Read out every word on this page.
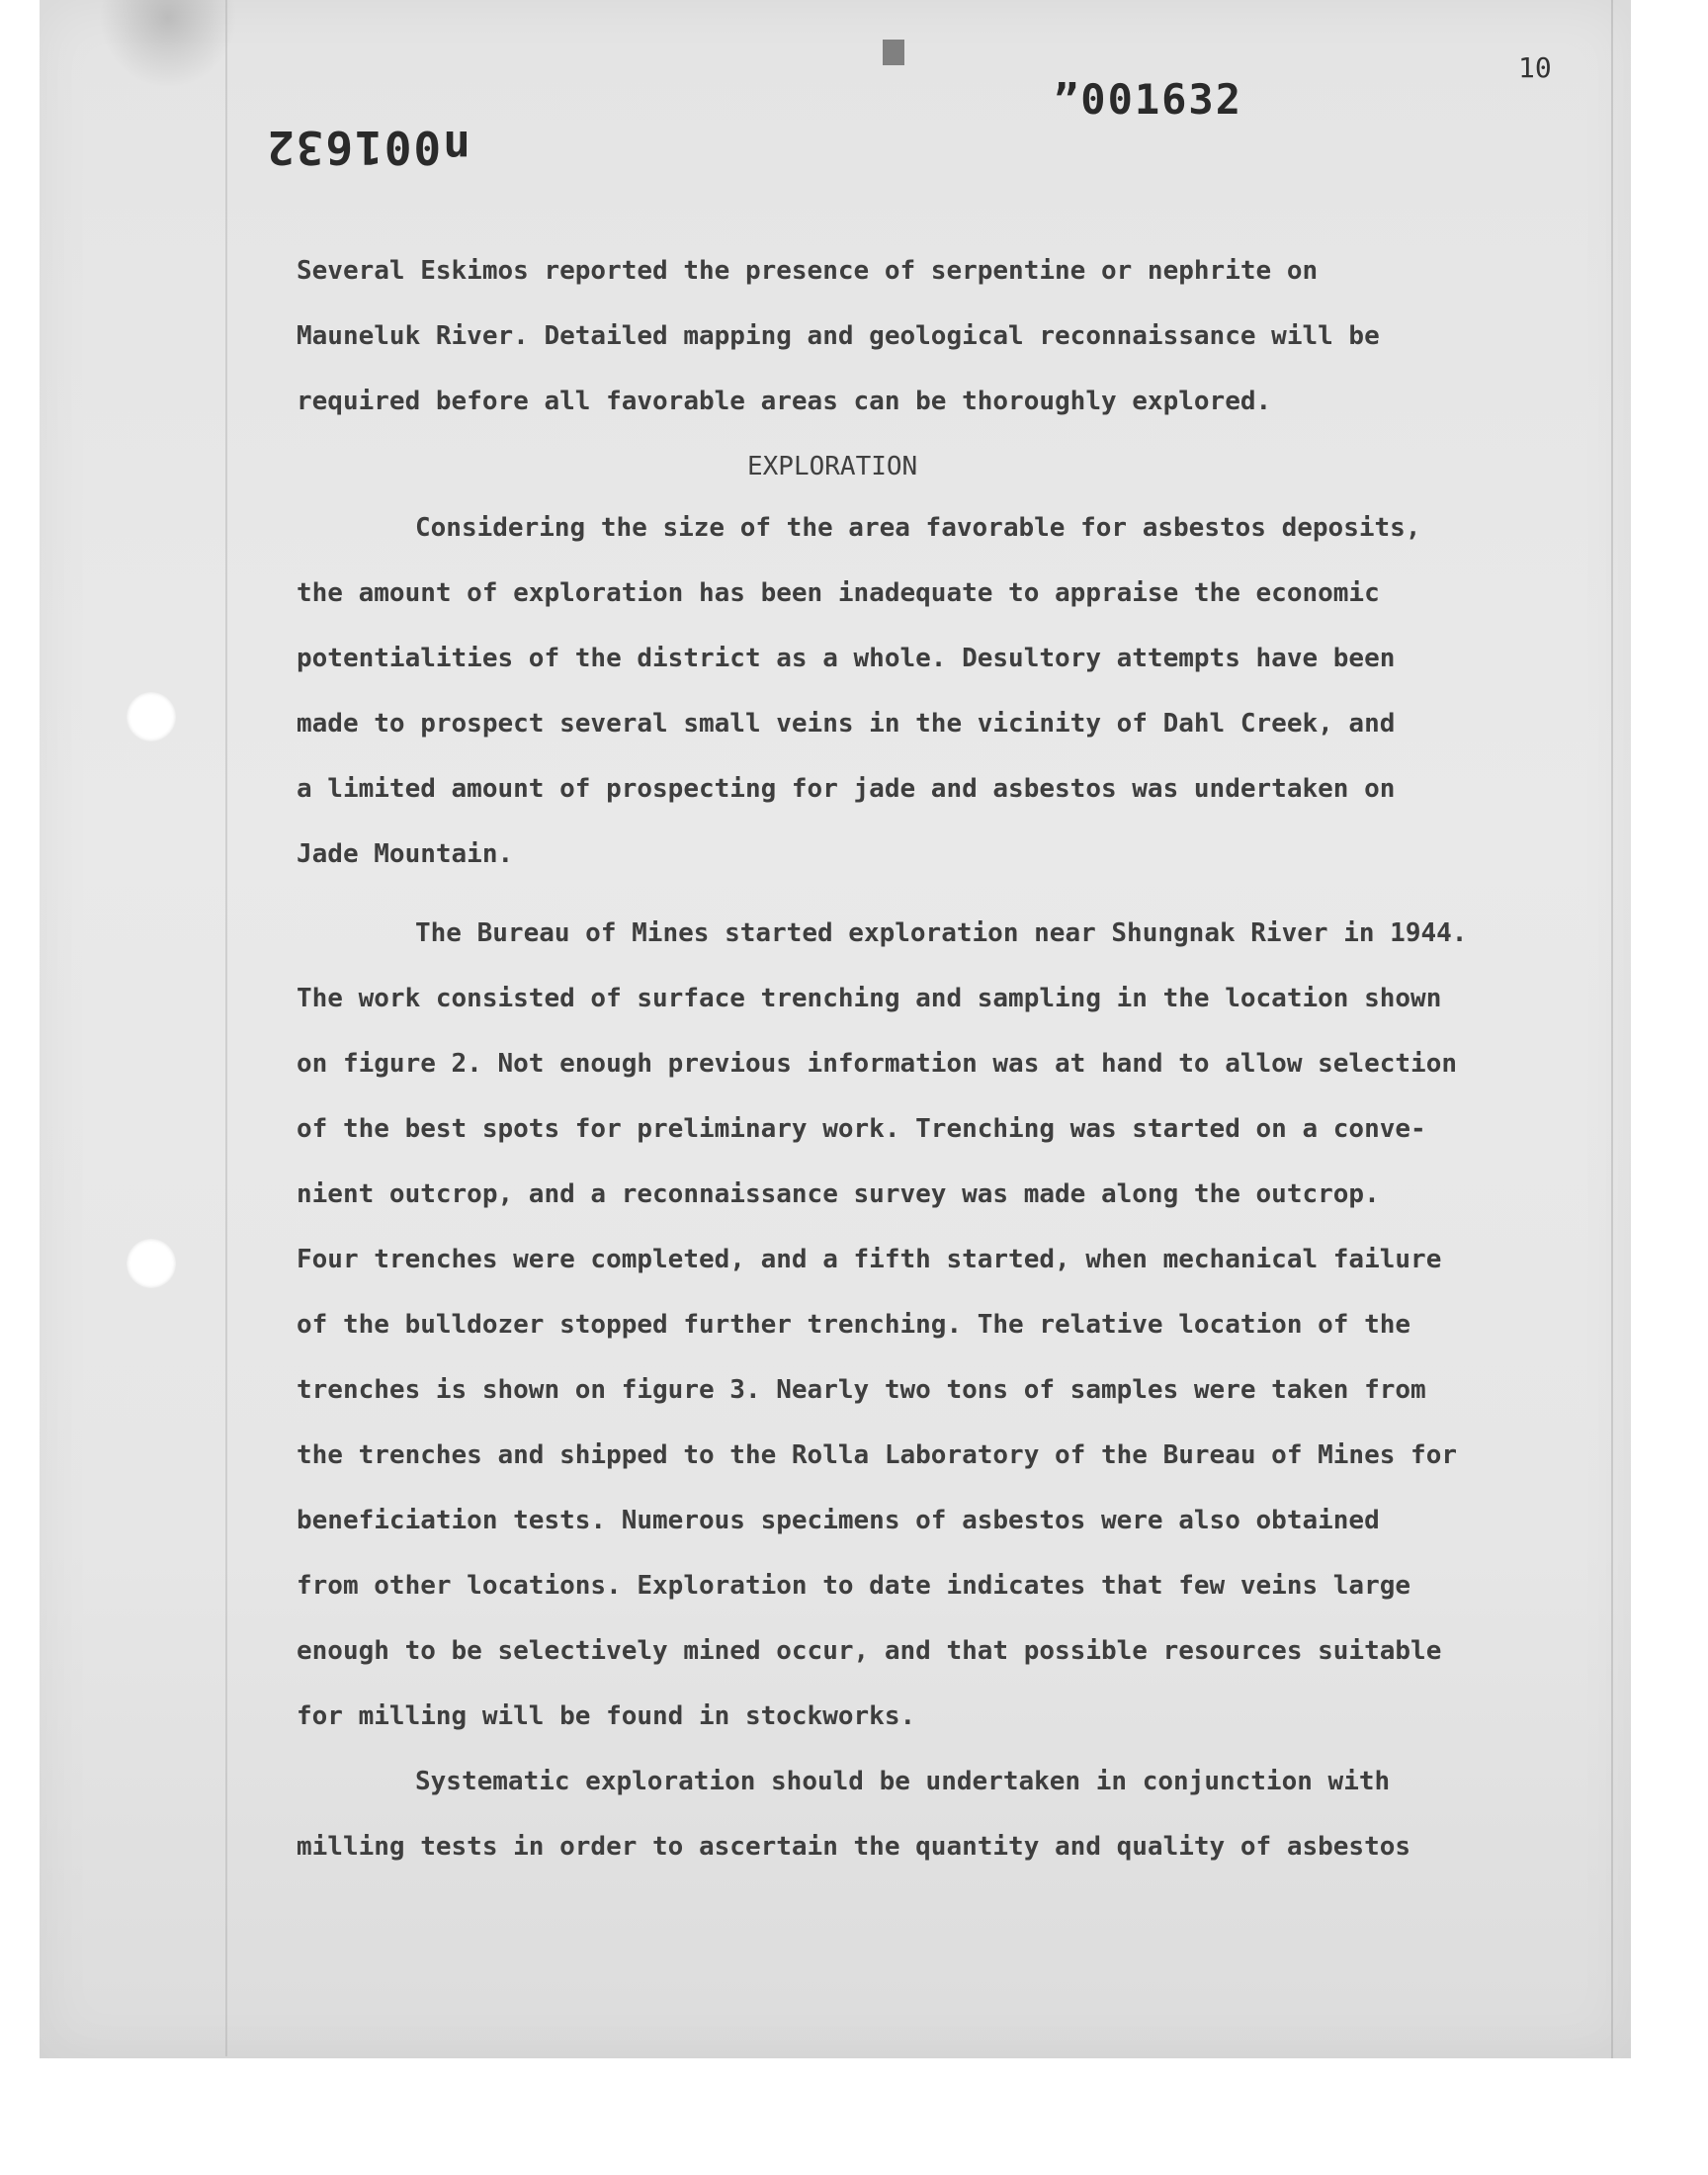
10
”001632
n001632
Several Eskimos reported the presence of serpentine or nephrite on
Mauneluk River. Detailed mapping and geological reconnaissance will be
required before all favorable areas can be thoroughly explored.
EXPLORATION
Considering the size of the area favorable for asbestos deposits,
the amount of exploration has been inadequate to appraise the economic
potentialities of the district as a whole. Desultory attempts have been
made to prospect several small veins in the vicinity of Dahl Creek, and
a limited amount of prospecting for jade and asbestos was undertaken on
Jade Mountain.
The Bureau of Mines started exploration near Shungnak River in 1944.
The work consisted of surface trenching and sampling in the location shown
on figure 2. Not enough previous information was at hand to allow selection
of the best spots for preliminary work. Trenching was started on a conve-
nient outcrop, and a reconnaissance survey was made along the outcrop.
Four trenches were completed, and a fifth started, when mechanical failure
of the bulldozer stopped further trenching. The relative location of the
trenches is shown on figure 3. Nearly two tons of samples were taken from
the trenches and shipped to the Rolla Laboratory of the Bureau of Mines for
beneficiation tests. Numerous specimens of asbestos were also obtained
from other locations. Exploration to date indicates that few veins large
enough to be selectively mined occur, and that possible resources suitable
for milling will be found in stockworks.
Systematic exploration should be undertaken in conjunction with
milling tests in order to ascertain the quantity and quality of asbestos
